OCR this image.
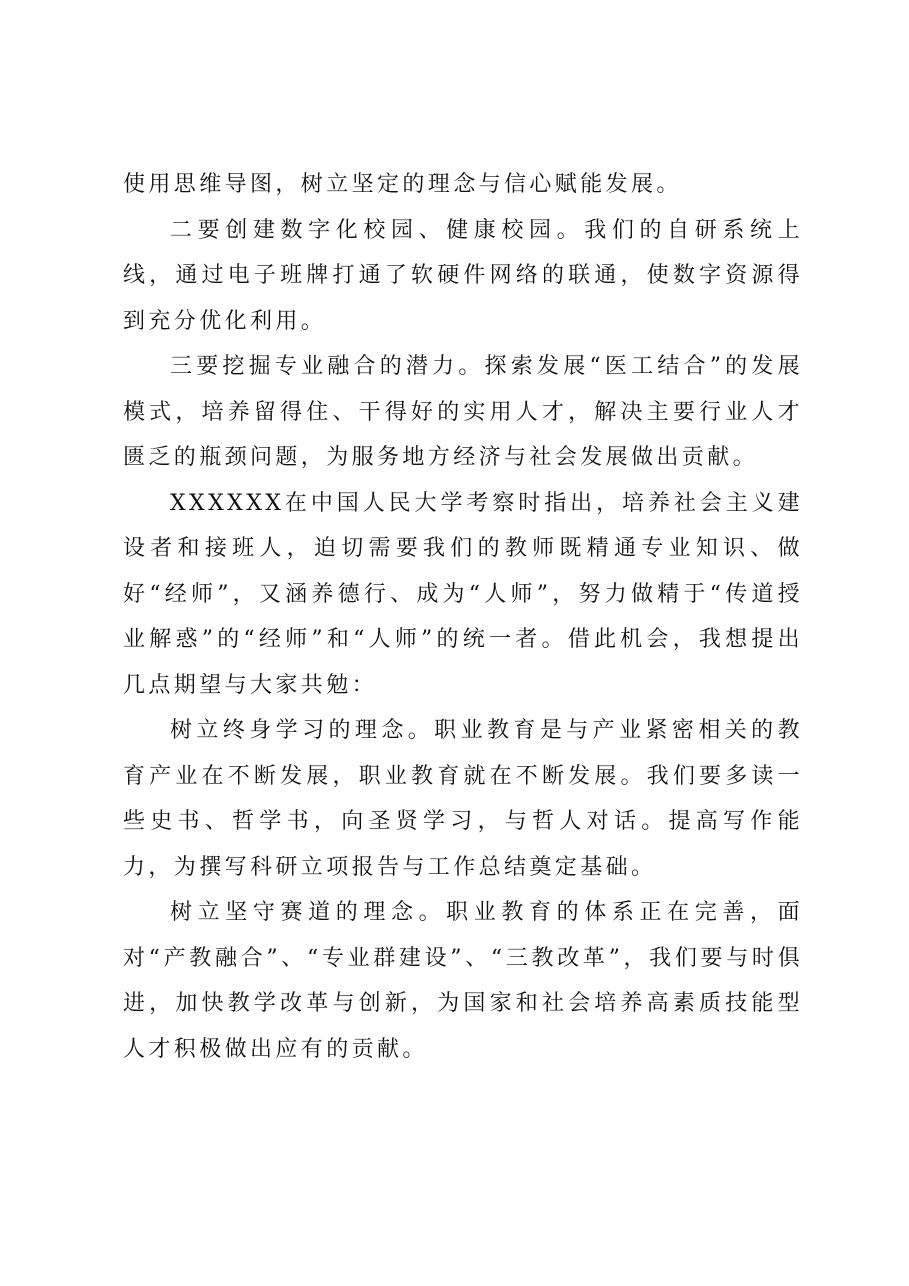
使用思维导图，树立坚定的理念与信心赋能发展。

二要创建数字化校园、健康校园。我们的自研系统上线，通过电子班牌打通了软硬件网络的联通，使数字资源得到充分优化利用。

三要挖掘专业融合的潜力。探索发展“医工结合”的发展模式，培养留得住、干得好的实用人才，解决主要行业人才匮乏的瓶颈问题，为服务地方经济与社会发展做出贡献。

XXXXXX在中国人民大学考察时指出，培养社会主义建设者和接班人，迫切需要我们的教师既精通专业知识、做好“经师”，又涵养德行、成为“人师”，努力做精于“传道授业解惑”的“经师”和“人师”的统一者。借此机会，我想提出几点期望与大家共勉：

树立终身学习的理念。职业教育是与产业紧密相关的教育产业在不断发展，职业教育就在不断发展。我们要多读一些史书、哲学书，向圣贤学习，与哲人对话。提高写作能力，为撰写科研立项报告与工作总结奠定基础。

树立坚守赛道的理念。职业教育的体系正在完善，面对“产教融合”、“专业群建设”、“三教改革”，我们要与时俱进，加快教学改革与创新，为国家和社会培养高素质技能型人才积极做出应有的贡献。
